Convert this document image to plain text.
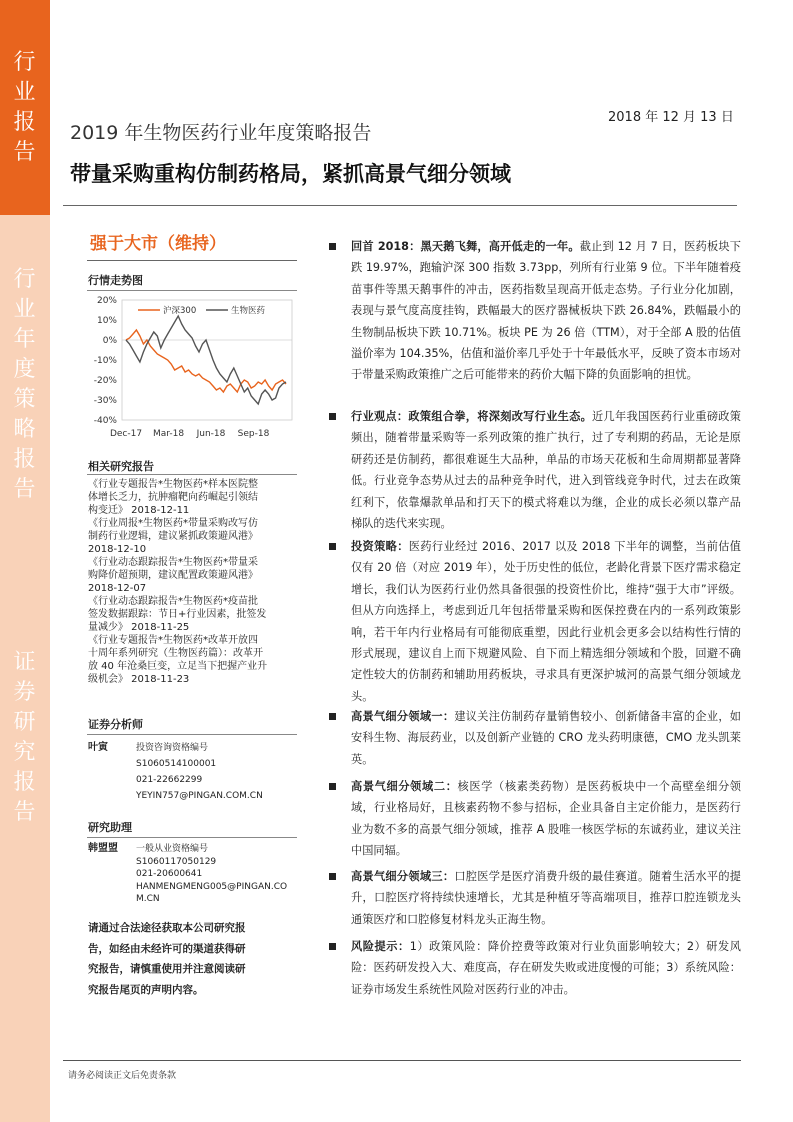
行
业
报
告
行
业
年
度
策
略
报
告
证
券
研
究
报
告
2018 年 12 月 13 日
2019 年生物医药行业年度策略报告
带量采购重构仿制药格局，紧抓高景气细分领域
强于大市（维持）
行情走势图
20%
10%
0%
-10%
-20%
-30%
-40%
Dec-17 Mar-18 Jun-18 Sep-18
沪深300	生物医药
相关研究报告

《行业专题报告*生物医药*样本医院整

体增长乏力，抗肿瘤靶向药崛起引领结

构变迁》 2018-12-11

《行业周报*生物医药*带量采购改写仿

制药行业逻辑，建议紧抓政策避风港》

2018-12-10

《行业动态跟踪报告*生物医药*带量采

购降价超预期，建议配置政策避风港》

2018-12-07

《行业动态跟踪报告*生物医药*疫苗批

签发数据跟踪：节日+行业因素，批签发

量减少》 2018-11-25

《行业专题报告*生物医药*改革开放四

十周年系列研究（生物医药篇）：改革开

放 40 年沧桑巨变，立足当下把握产业升

级机会》 2018-11-23

证券分析师
叶寅	投资咨询资格编号
S1060514100001
021-22662299
YEYIN757@PINGAN.COM.CN
研究助理
韩盟盟 一般从业资格编号
S1060117050129
021-20600641
HANMENGMENG005@PINGAN.CO
M.CN
请通过合法途径获取本公司研究报
告，如经由未经许可的渠道获得研
究报告，请慎重使用并注意阅读研
究报告尾页的声明内容。
回首 2018：黑天鹅飞舞，高开低走的一年。截止到 12 月 7 日，医药板块下跌 19.97%，跑输沪深 300 指数 3.73pp，列所有行业第 9 位。下半年随着疫苗事件等黑天鹅事件的冲击，医药指数呈现高开低走态势。子行业分化加剧，表现与景气度高度挂钩，跌幅最大的医疗器械板块下跌 26.84%，跌幅最小的生物制品板块下跌 10.71%。板块 PE 为 26 倍（TTM），对于全部 A 股的估值溢价率为 104.35%，估值和溢价率几乎处于十年最低水平，反映了资本市场对于带量采购政策推广之后可能带来的药价大幅下降的负面影响的担忧。
行业观点：政策组合拳，将深刻改写行业生态。近几年我国医药行业重磅政策频出，随着带量采购等一系列政策的推广执行，过了专利期的药品，无论是原研药还是仿制药，都很难诞生大品种，单品的市场天花板和生命周期都显著降低。行业竞争态势从过去的品种竞争时代，进入到管线竞争时代，过去在政策红利下，依靠爆款单品和打天下的模式将难以为继，企业的成长必须以靠产品梯队的迭代来实现。
投资策略：医药行业经过 2016、2017 以及 2018 下半年的调整，当前估值仅有 20 倍（对应 2019 年），处于历史性的低位，老龄化背景下医疗需求稳定增长，我们认为医药行业仍然具备很强的投资性价比，维持“强于大市”评级。但从方向选择上，考虑到近几年包括带量采购和医保控费在内的一系列政策影响，若干年内行业格局有可能彻底重塑，因此行业机会更多会以结构性行情的形式展现，建议自上而下规避风险、自下而上精选细分领域和个股，回避不确定性较大的仿制药和辅助用药板块，寻求具有更深护城河的高景气细分领域龙头。
高景气细分领域一：建议关注仿制药存量销售较小、创新储备丰富的企业，如安科生物、海辰药业，以及创新产业链的 CRO 龙头药明康德，CMO 龙头凯莱英。
高景气细分领域二：核医学（核素类药物）是医药板块中一个高壁垒细分领域，行业格局好，且核素药物不参与招标，企业具备自主定价能力，是医药行业为数不多的高景气细分领域，推荐 A 股唯一核医学标的东诚药业，建议关注中国同辐。
高景气细分领域三：口腔医学是医疗消费升级的最佳赛道。随着生活水平的提升，口腔医疗将持续快速增长，尤其是种植牙等高端项目，推荐口腔连锁龙头通策医疗和口腔修复材料龙头正海生物。
风险提示：1）政策风险：降价控费等政策对行业负面影响较大；2）研发风险：医药研发投入大、难度高，存在研发失败或进度慢的可能；3）系统风险：证券市场发生系统性风险对医药行业的冲击。
请务必阅读正文后免责条款
